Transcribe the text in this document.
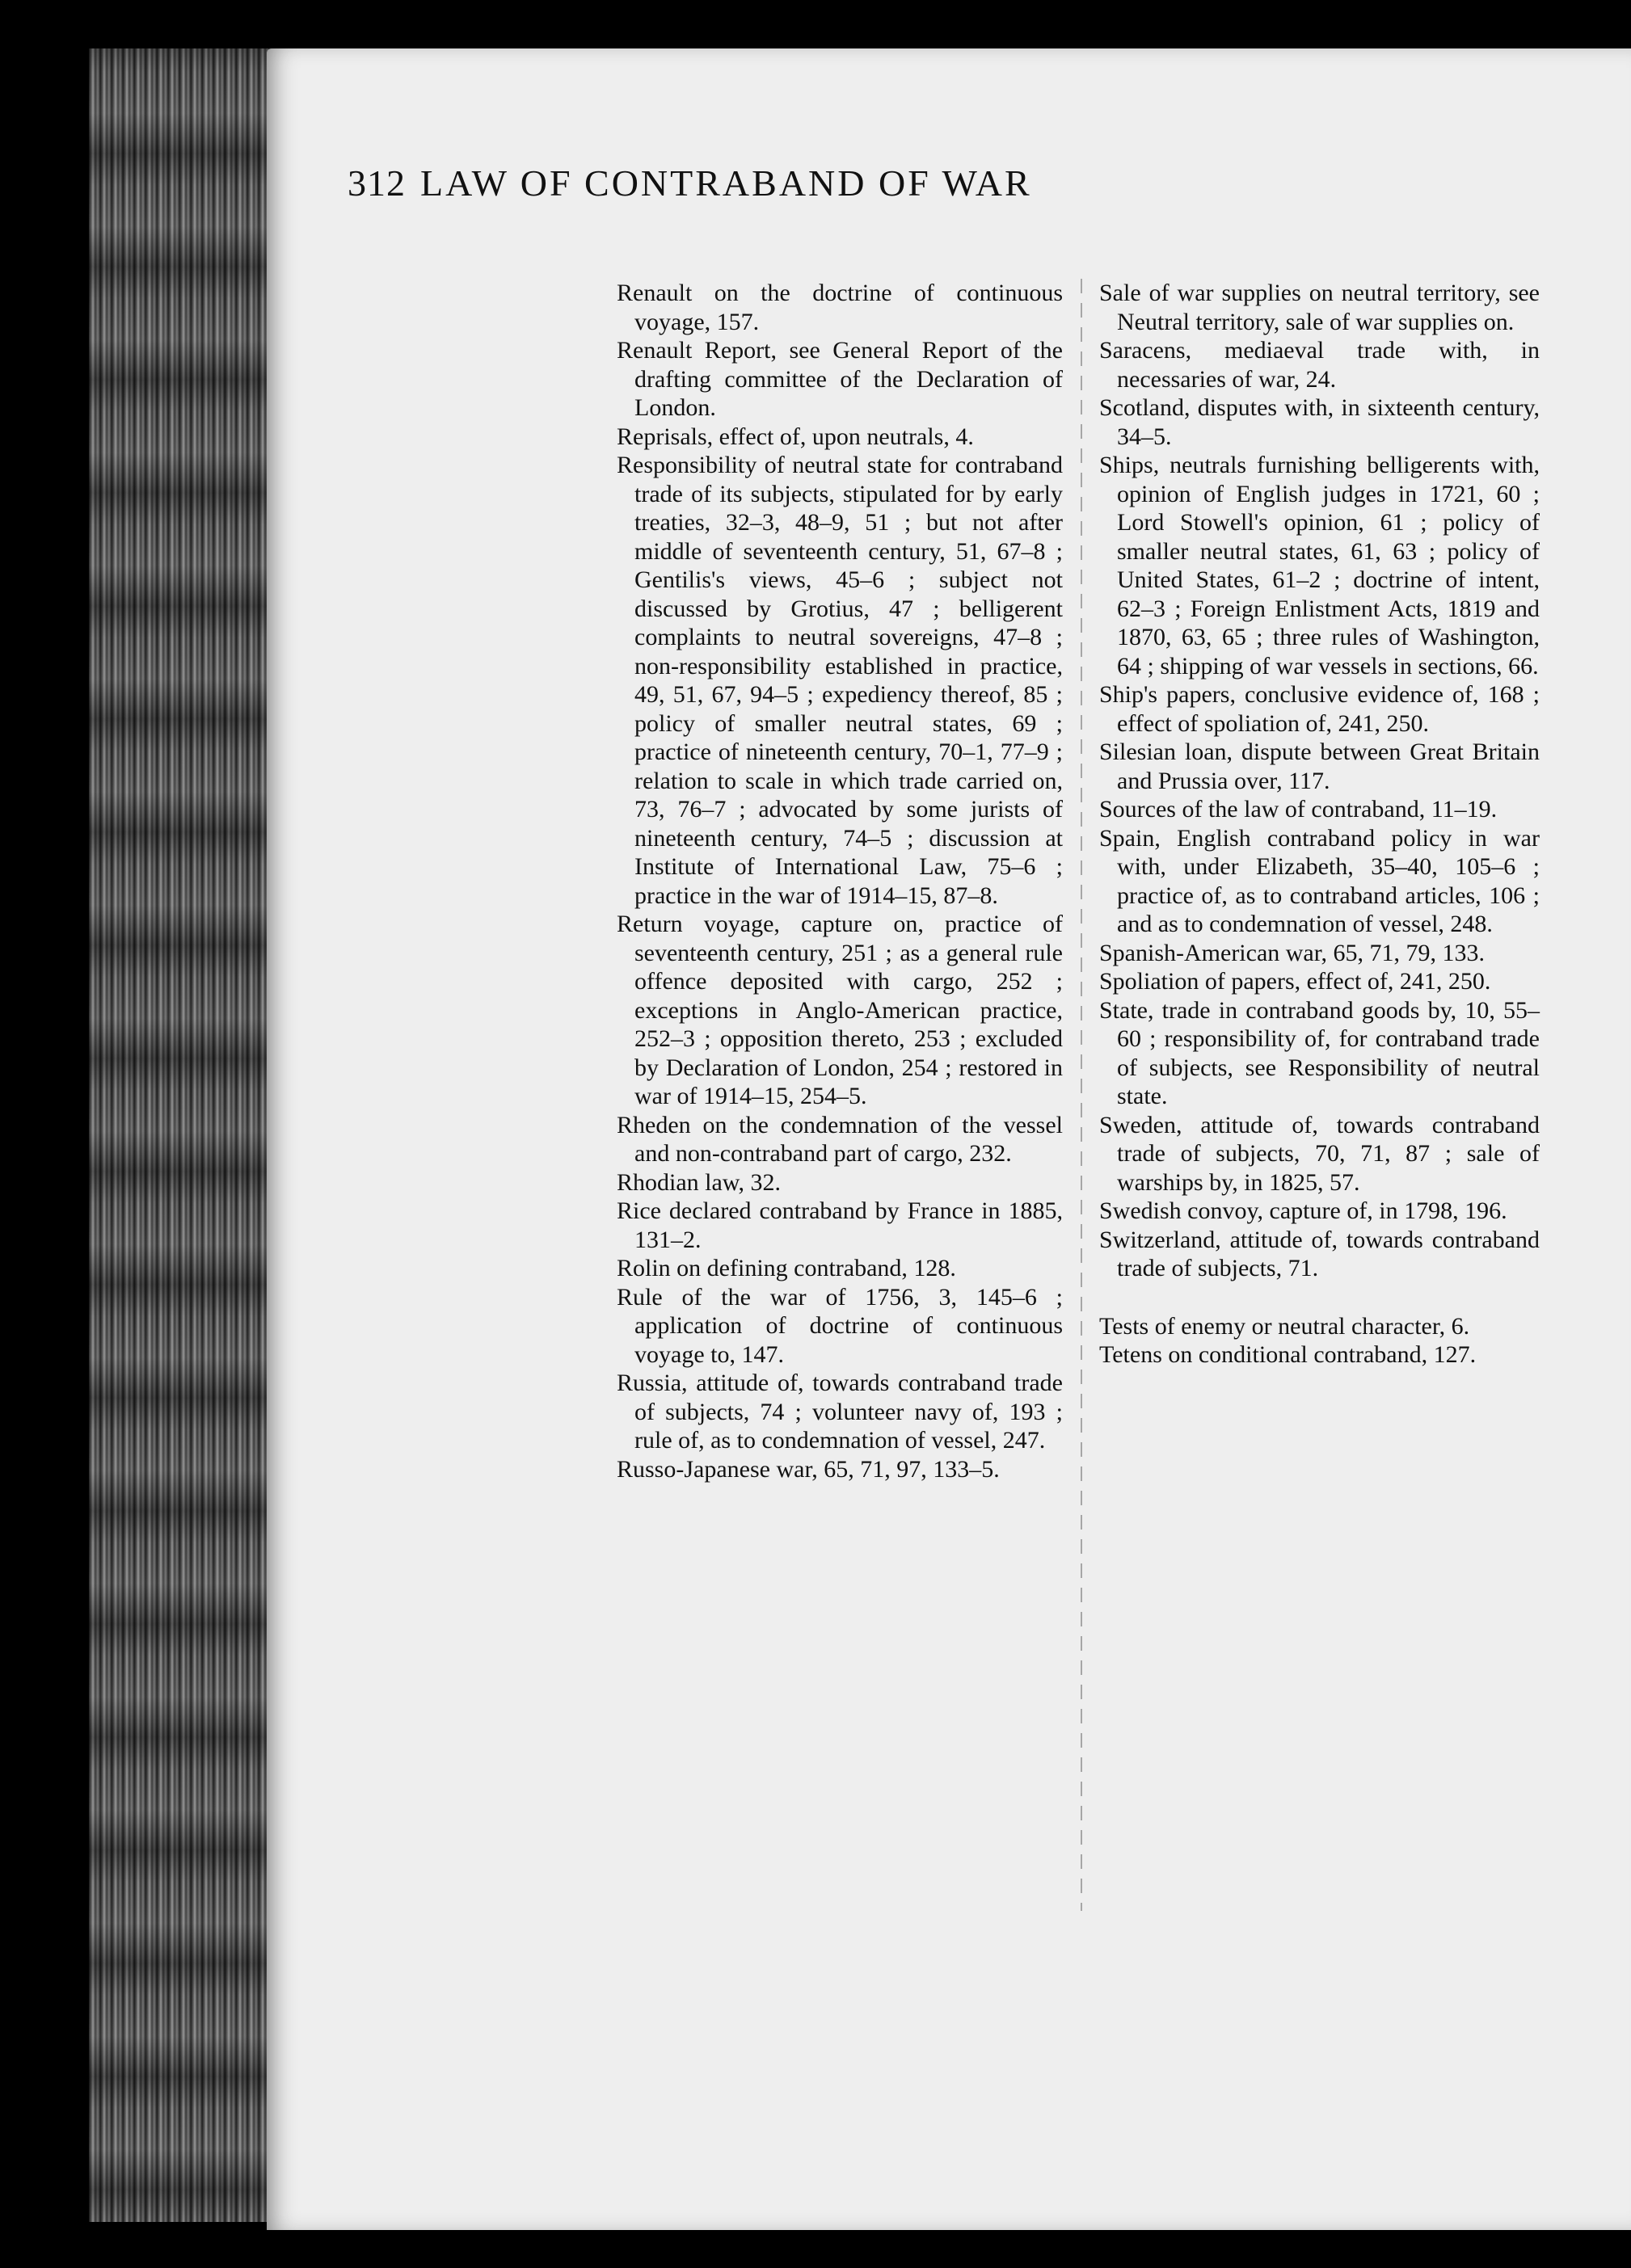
312 LAW OF CONTRABAND OF WAR

Renault on the doctrine of continuous voyage, 157.

Renault Report, see General Report of the drafting committee of the Declaration of London.

Reprisals, effect of, upon neutrals, 4.

Responsibility of neutral state for contraband trade of its subjects, stipulated for by early treaties, 32–3, 48–9, 51 ; but not after middle of seventeenth century, 51, 67–8 ; Gentilis's views, 45–6 ; subject not discussed by Grotius, 47 ; belligerent complaints to neutral sovereigns, 47–8 ; non-responsibility established in practice, 49, 51, 67, 94–5 ; expediency thereof, 85 ; policy of smaller neutral states, 69 ; practice of nineteenth century, 70–1, 77–9 ; relation to scale in which trade carried on, 73, 76–7 ; advocated by some jurists of nineteenth century, 74–5 ; discussion at Institute of International Law, 75–6 ; practice in the war of 1914–15, 87–8.

Return voyage, capture on, practice of seventeenth century, 251 ; as a general rule offence deposited with cargo, 252 ; exceptions in Anglo-American practice, 252–3 ; opposition thereto, 253 ; excluded by Declaration of London, 254 ; restored in war of 1914–15, 254–5.

Rheden on the condemnation of the vessel and non-contraband part of cargo, 232.

Rhodian law, 32.

Rice declared contraband by France in 1885, 131–2.

Rolin on defining contraband, 128.

Rule of the war of 1756, 3, 145–6 ; application of doctrine of continuous voyage to, 147.

Russia, attitude of, towards contraband trade of subjects, 74 ; volunteer navy of, 193 ; rule of, as to condemnation of vessel, 247.

Russo-Japanese war, 65, 71, 97, 133–5.

Sale of war supplies on neutral territory, see Neutral territory, sale of war supplies on.

Saracens, mediaeval trade with, in necessaries of war, 24.

Scotland, disputes with, in sixteenth century, 34–5.

Ships, neutrals furnishing belligerents with, opinion of English judges in 1721, 60 ; Lord Stowell's opinion, 61 ; policy of smaller neutral states, 61, 63 ; policy of United States, 61–2 ; doctrine of intent, 62–3 ; Foreign Enlistment Acts, 1819 and 1870, 63, 65 ; three rules of Washington, 64 ; shipping of war vessels in sections, 66.

Ship's papers, conclusive evidence of, 168 ; effect of spoliation of, 241, 250.

Silesian loan, dispute between Great Britain and Prussia over, 117.

Sources of the law of contraband, 11–19.

Spain, English contraband policy in war with, under Elizabeth, 35–40, 105–6 ; practice of, as to contraband articles, 106 ; and as to condemnation of vessel, 248.

Spanish-American war, 65, 71, 79, 133.

Spoliation of papers, effect of, 241, 250.

State, trade in contraband goods by, 10, 55–60 ; responsibility of, for contraband trade of subjects, see Responsibility of neutral state.

Sweden, attitude of, towards contraband trade of subjects, 70, 71, 87 ; sale of warships by, in 1825, 57.

Swedish convoy, capture of, in 1798, 196.

Switzerland, attitude of, towards contraband trade of subjects, 71.

Tests of enemy or neutral character, 6.

Tetens on conditional contraband, 127.
